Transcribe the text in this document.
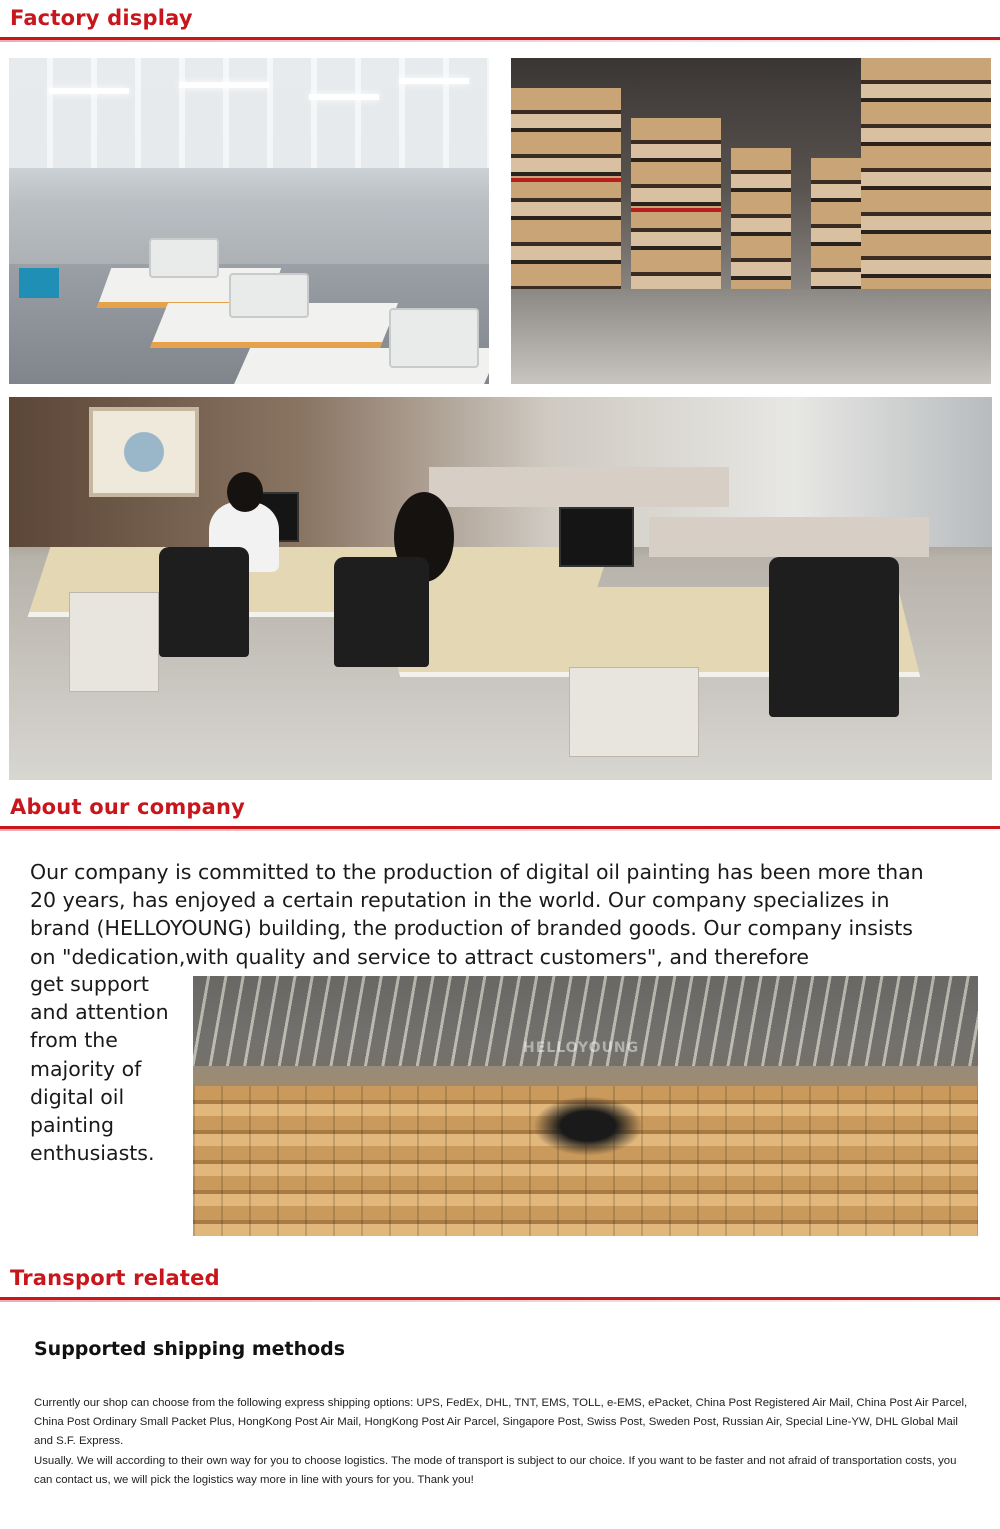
Factory display
About our company
Our company is committed to the production of digital oil painting has been more than 20 years, has enjoyed a certain reputation in the world. Our company specializes in brand (HELLOYOUNG) building, the production of branded goods. Our company insists on "dedication,with quality and service to attract customers", and therefore
get support and attention from the majority of digital oil painting enthusiasts.
HELLOYOUNG
Transport related
Supported shipping methods

Currently our shop can choose from the following express shipping options: UPS, FedEx, DHL, TNT, EMS, TOLL, e-EMS, ePacket, China Post Registered Air Mail, China Post Air Parcel, China Post Ordinary Small Packet Plus, HongKong Post Air Mail, HongKong Post Air Parcel, Singapore Post, Swiss Post, Sweden Post, Russian Air, Special Line-YW, DHL Global Mail and S.F. Express.

Usually. We will according to their own way for you to choose logistics. The mode of transport is subject to our choice. If you want to be faster and not afraid of transportation costs, you can contact us, we will pick the logistics way more in line with yours for you. Thank you!
